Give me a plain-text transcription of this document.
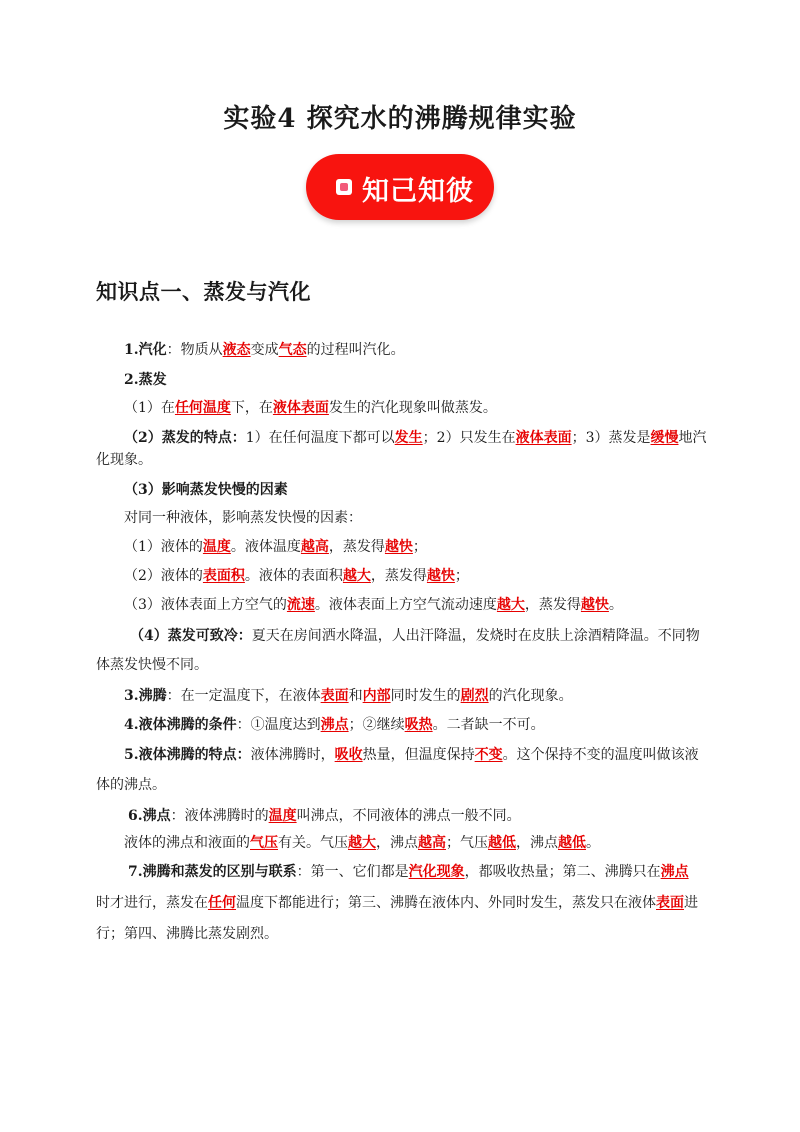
实验4 探究水的沸腾规律实验
知己知彼
知识点一、蒸发与汽化
1.汽化：物质从液态变成气态的过程叫汽化。
2.蒸发
（1）在任何温度下，在液体表面发生的汽化现象叫做蒸发。
（2）蒸发的特点：1）在任何温度下都可以发生；2）只发生在液体表面；3）蒸发是缓慢地汽
化现象。
（3）影响蒸发快慢的因素
对同一种液体，影响蒸发快慢的因素：
（1）液体的温度。液体温度越高，蒸发得越快；
（2）液体的表面积。液体的表面积越大，蒸发得越快；
（3）液体表面上方空气的流速。液体表面上方空气流动速度越大，蒸发得越快。
（4）蒸发可致冷：夏天在房间洒水降温，人出汗降温，发烧时在皮肤上涂酒精降温。不同物
体蒸发快慢不同。
3.沸腾：在一定温度下，在液体表面和内部同时发生的剧烈的汽化现象。
4.液体沸腾的条件：①温度达到沸点；②继续吸热。二者缺一不可。
5.液体沸腾的特点：液体沸腾时，吸收热量，但温度保持不变。这个保持不变的温度叫做该液
体的沸点。
6.沸点：液体沸腾时的温度叫沸点，不同液体的沸点一般不同。
液体的沸点和液面的气压有关。气压越大，沸点越高；气压越低，沸点越低。
7.沸腾和蒸发的区别与联系：第一、它们都是汽化现象，都吸收热量；第二、沸腾只在沸点
时才进行，蒸发在任何温度下都能进行；第三、沸腾在液体内、外同时发生，蒸发只在液体表面进
行；第四、沸腾比蒸发剧烈。
